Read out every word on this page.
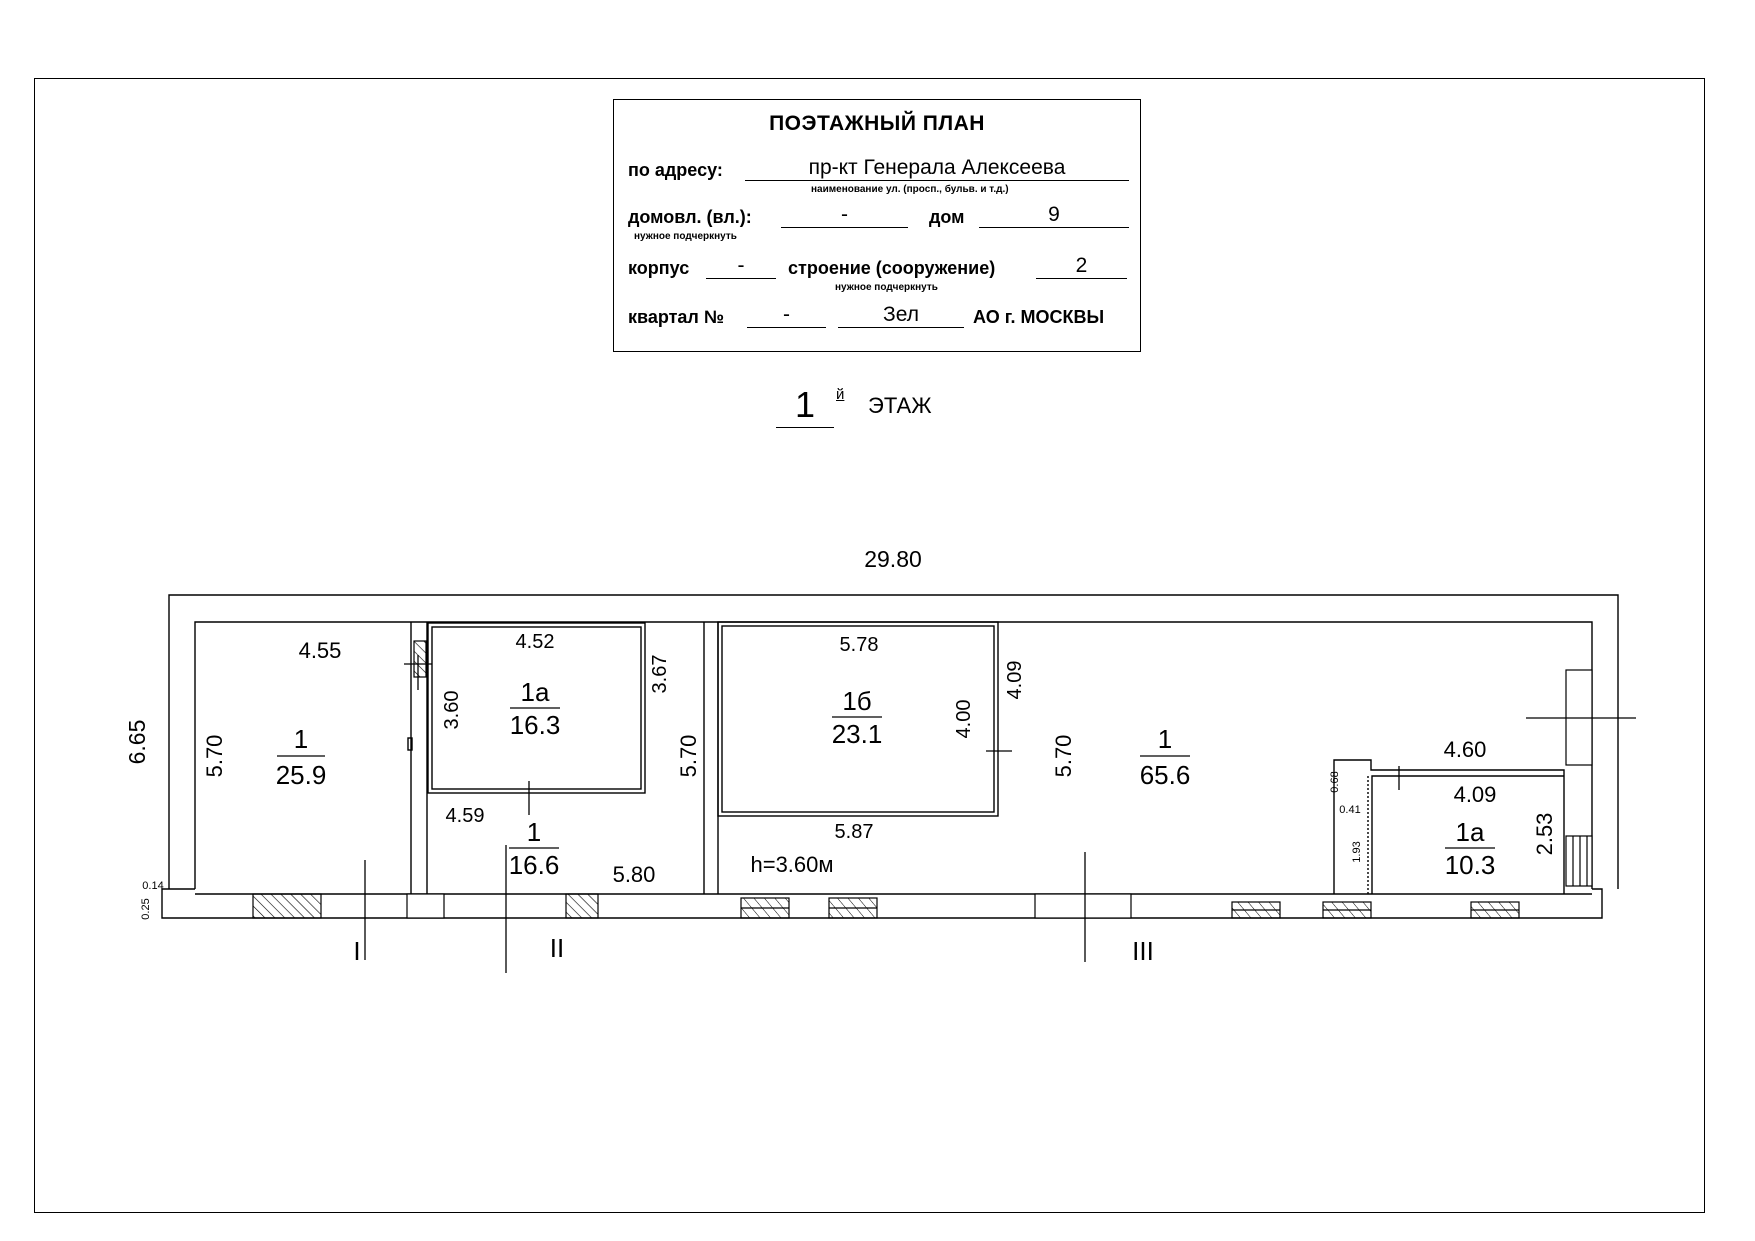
ПОЭТАЖНЫЙ ПЛАН
по адресу:	пр-кт Генерала Алексеева
наименование ул. (просп., бульв. и т.д.)
домовл. (вл.):	-
нужное подчеркнуть
дом	9
корпус	-	строение (сооружение)	2
нужное подчеркнуть
квартал №	-	Зел	АО г. МОСКВЫ
1	й ЭТАЖ
29.80
6.65
4.55
5.70
4.52
3.60
3.67
4.59
5.80
5.70
5.78
5.87
4.00
4.09
5.70	4.60
4.09
2.53
h=3.60м
0.14
0.25
0.68
0.41
1.93
1
25.9
1а
16.3
1
16.6
1б
23.1	1
65.6
1а
10.3
I	II	III
